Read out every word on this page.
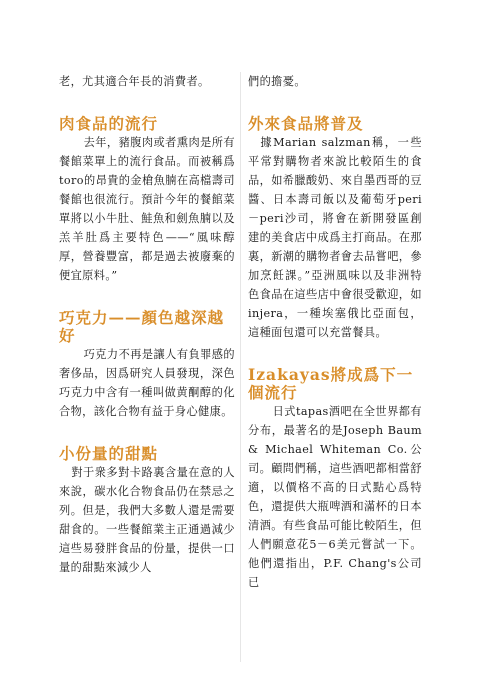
老，尤其適合年長的消費者。

肉食品的流行

去年，豬腹肉或者熏肉是所有餐館菜單上的流行食品。而被稱爲toro的昂貴的金槍魚腩在高檔壽司餐館也很流行。預計今年的餐館菜單將以小牛肚、鮭魚和劍魚腩以及羔羊肚爲主要特色——“風味醇厚，營養豐富，都是過去被廢棄的便宜原料。”

巧克力——顏色越深越好

巧克力不再是讓人有負罪感的奢侈品，因爲研究人員發現，深色巧克力中含有一種叫做黄酮醇的化合物，該化合物有益于身心健康。

小份量的甜點

對于衆多對卡路裏含量在意的人來說，碳水化合物食品仍在禁忌之列。但是，我們大多數人還是需要甜食的。一些餐館業主正通過減少這些易發胖食品的份量，提供一口量的甜點來減少人

們的擔憂。

外來食品將普及

據Marian salzman稱，一些平常對購物者來說比較陌生的食品，如希臘酸奶、來自墨西哥的豆醬、日本壽司飯以及葡萄牙peri－peri沙司，將會在新開發區創建的美食店中成爲主打商品。在那裏，新潮的購物者會去品嘗吧，參加烹飪課。”亞洲風味以及非洲特色食品在這些店中會很受歡迎，如injera，一種埃塞俄比亞面包，這種面包還可以充當餐具。

Izakayas將成爲下一個流行

日式tapas酒吧在全世界都有分布，最著名的是Joseph Baum & Michael Whiteman Co.公司。顧問們稱，這些酒吧都相當舒適，以價格不高的日式點心爲特色，還提供大瓶啤酒和滿杯的日本清酒。有些食品可能比較陌生，但人們願意花5－6美元嘗試一下。他們還指出，P.F. Chang's公司已
